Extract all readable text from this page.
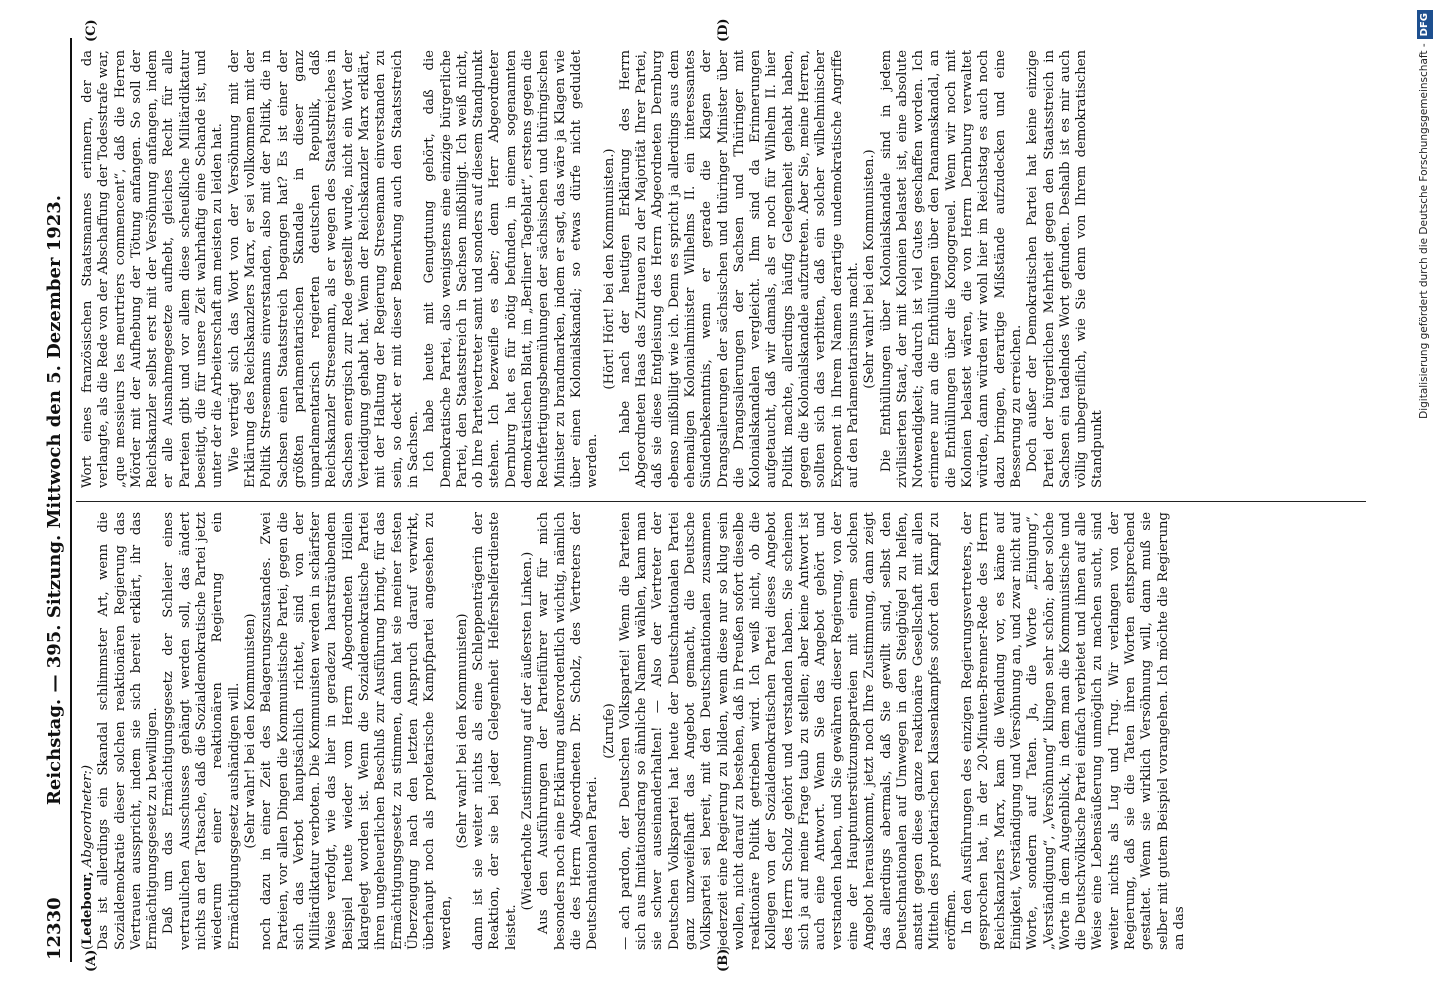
12330
Reichstag. — 395. Sitzung. Mittwoch den 5. Dezember 1923.
(A)	(B)
(C)	(D)

(Ledebour, Abgeordneter:) Das ist allerdings ein Skandal schlimmster Art, wenn die Sozialdemokratie dieser solchen reaktionären Regierung das Vertrauen ausspricht, indem sie sich bereit erklärt, ihr das Ermächtigungsgesetz zu bewilligen. Daß um das Ermächtigungsgesetz der Schleier eines vertraulichen Ausschusses gehängt werden soll, das ändert nichts an der Tatsache, daß die Sozialdemokratische Partei jetzt wiederum einer reaktionären Regierung ein Ermächtigungsgesetz aushändigen will. (Sehr wahr! bei den Kommunisten) noch dazu in einer Zeit des Belagerungszustandes. Zwei Parteien, vor allen Dingen die Kommunistische Partei, gegen die sich das Verbot hauptsächlich richtet, sind von der Militärdiktatur verboten. Die Kommunisten werden in schärfster Weise verfolgt, wie das hier in geradezu haarsträubendem Beispiel heute wieder vom Herrn Abgeordneten Höllein klargelegt worden ist. Wenn die Sozialdemokratische Partei ihren ungeheuerlichen Beschluß zur Ausführung bringt, für das Ermächtigungsgesetz zu stimmen, dann hat sie meiner festen Überzeugung nach den letzten Anspruch darauf verwirkt, überhaupt noch als proletarische Kampfpartei angesehen zu werden,

(Sehr wahr! bei den Kommunisten) dann ist sie weiter nichts als eine Schleppenträgerin der Reaktion, der sie bei jeder Gelegenheit Helfershelferdienste leistet.

(Wiederholte Zustimmung auf der äußersten Linken.) Aus den Ausführungen der Parteiführer war für mich besonders noch eine Erklärung außerordentlich wichtig, nämlich die des Herrn Abgeordneten Dr. Scholz, des Vertreters der Deutschnationalen Partei.

(Zurufe) — ach pardon, der Deutschen Volkspartei! Wenn die Parteien sich aus Imitationsdrang so ähnliche Namen wählen, kann man sie schwer auseinanderhalten! — Also der Vertreter der Deutschen Volkspartei hat heute der Deutschnationalen Partei ganz unzweifelhaft das Angebot gemacht, die Deutsche Volkspartei sei bereit, mit den Deutschnationalen zusammen jederzeit eine Regierung zu bilden, wenn diese nur so klug sein wollen, nicht darauf zu bestehen, daß in Preußen sofort dieselbe reaktionäre Politik getrieben wird. Ich weiß nicht, ob die Kollegen von der Sozialdemokratischen Partei dieses Angebot des Herrn Scholz gehört und verstanden haben. Sie scheinen sich ja auf meine Frage taub zu stellen; aber keine Antwort ist auch eine Antwort. Wenn Sie das Angebot gehört und verstanden haben, und Sie gewähren dieser Regierung, von der eine der Hauptunterstützungsparteien mit einem solchen Angebot herauskommt, jetzt noch Ihre Zustimmung, dann zeigt das allerdings abermals, daß Sie gewillt sind, selbst den Deutschnationalen auf Umwegen in den Steigbügel zu helfen, anstatt gegen diese ganze reaktionäre Gesellschaft mit allen Mitteln des proletarischen Klassenkampfes sofort den Kampf zu eröffnen. In den Ausführungen des einzigen Regierungsvertreters, der gesprochen hat, in der 20-Minuten-Brenner-Rede des Herrn Reichskanzlers Marx, kam die Wendung vor, es käme auf Einigkeit, Verständigung und Versöhnung an, und zwar nicht auf Worte, sondern auf Taten. Ja, die Worte „Einigung“, „Verständigung“, „Versöhnung“ klingen sehr schön; aber solche Worte in dem Augenblick, in dem man die Kommunistische und die Deutschvölkische Partei einfach verbietet und ihnen auf alle Weise eine Lebensäußerung unmöglich zu machen sucht, sind weiter nichts als Lug und Trug. Wir verlangen von der Regierung, daß sie die Taten ihren Worten entsprechend gestaltet. Wenn sie wirklich Versöhnung will, dann muß sie selber mit gutem Beispiel vorangehen. Ich möchte die Regierung an das

Wort eines französischen Staatsmannes erinnern, der da verlangte, als die Rede von der Abschaffung der Todesstrafe war, „que messieurs les meurtriers commencent“, daß die Herren Mörder mit der Aufhebung der Tötung anfangen. So soll der Reichskanzler selbst erst mit der Versöhnung anfangen, indem er alle Ausnahmegesetze aufhebt, gleiches Recht für alle Parteien gibt und vor allem diese scheußliche Militärdiktatur beseitigt, die für unsere Zeit wahrhaftig eine Schande ist, und unter der die Arbeiterschaft am meisten zu leiden hat. Wie verträgt sich das Wort von der Versöhnung mit der Erklärung des Reichskanzlers Marx, er sei vollkommen mit der Politik Stresemanns einverstanden, also mit der Politik, die in Sachsen einen Staatsstreich begangen hat? Es ist einer der größten parlamentarischen Skandale in dieser ganz unparlamentarisch regierten deutschen Republik, daß Reichskanzler Stresemann, als er wegen des Staatsstreiches in Sachsen energisch zur Rede gestellt wurde, nicht ein Wort der Verteidigung gehabt hat. Wenn der Reichskanzler Marx erklärt, mit der Haltung der Regierung Stresemann einverstanden zu sein, so deckt er mit dieser Bemerkung auch den Staatsstreich in Sachsen. Ich habe heute mit Genugtuung gehört, daß die Demokratische Partei, also wenigstens eine einzige bürgerliche Partei, den Staatsstreich in Sachsen mißbilligt. Ich weiß nicht, ob Ihre Parteivertreter samt und sonders auf diesem Standpunkt stehen. Ich bezweifle es aber; denn Herr Abgeordneter Dernburg hat es für nötig befunden, in einem sogenannten demokratischen Blatt, im „Berliner Tageblatt“, erstens gegen die Rechtfertigungsbemühungen der sächsischen und thüringischen Minister zu brandmarken, indem er sagt, das wäre ja Klagen wie über einen Kolonialskandal; so etwas dürfe nicht geduldet werden.

(Hört! Hört! bei den Kommunisten.) Ich habe nach der heutigen Erklärung des Herrn Abgeordneten Haas das Zutrauen zu der Majorität Ihrer Partei, daß sie diese Entgleisung des Herrn Abgeordneten Dernburg ebenso mißbilligt wie ich. Denn es spricht ja allerdings aus dem ehemaligen Kolonialminister Wilhelms II. ein interessantes Sündenbekenntnis, wenn er gerade die Klagen der Drangsalierungen der sächsischen und thüringer Minister über die Drangsalierungen der Sachsen und Thüringer mit Kolonialskandalen vergleicht. Ihm sind da Erinnerungen aufgetaucht, daß wir damals, als er noch für Wilhelm II. hier Politik machte, allerdings häufig Gelegenheit gehabt haben, gegen die Kolonialskandale aufzutreten. Aber Sie, meine Herren, sollten sich das verbitten, daß ein solcher wilhelminischer Exponent in Ihrem Namen derartige undemokratische Angriffe auf den Parlamentarismus macht. (Sehr wahr! bei den Kommunisten.) Die Enthüllungen über Kolonialskandale sind in jedem zivilisierten Staat, der mit Kolonien belastet ist, eine absolute Notwendigkeit; dadurch ist viel Gutes geschaffen worden. Ich erinnere nur an die Enthüllungen über den Panamaskandal, an die Enthüllungen über die Kongogreuel. Wenn wir noch mit Kolonien belastet wären, die von Herrn Dernburg verwaltet würden, dann würden wir wohl hier im Reichstag es auch noch dazu bringen, derartige Mißstände aufzudecken und eine Besserung zu erreichen. Doch außer der Demokratischen Partei hat keine einzige Partei der bürgerlichen Mehrheit gegen den Staatsstreich in Sachsen ein tadelndes Wort gefunden. Deshalb ist es mir auch völlig unbegreiflich, wie Sie denn von Ihrem demokratischen Standpunkt

Digitalisierung gefördert durch die Deutsche Forschungsgemeinschaft -DFG
